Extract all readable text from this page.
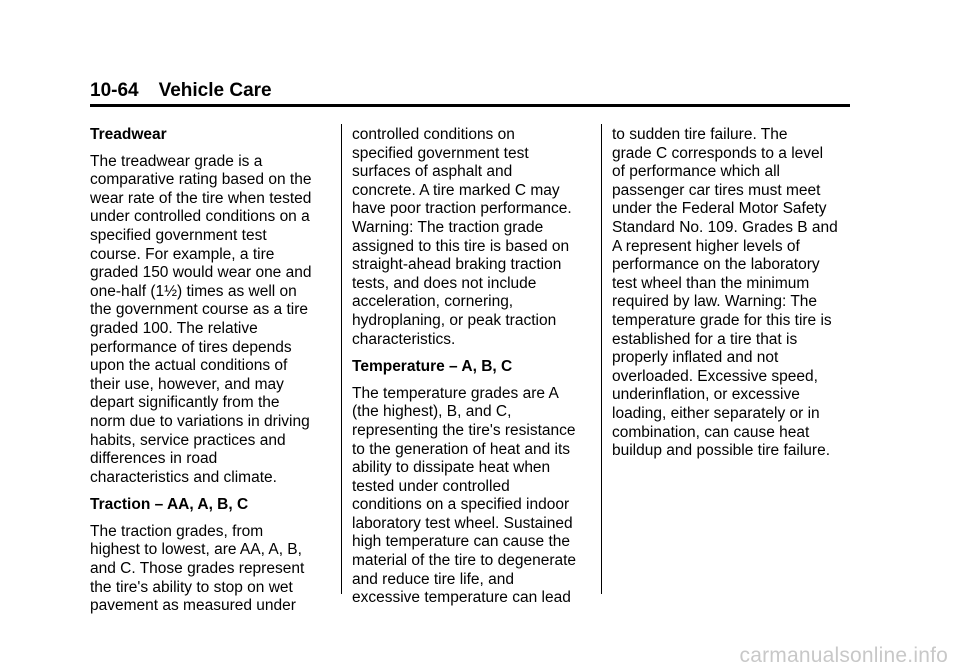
10-64 Vehicle Care
Treadwear
The treadwear grade is a
comparative rating based on the
wear rate of the tire when tested
under controlled conditions on a
specified government test
course. For example, a tire
graded 150 would wear one and
one-half (1½) times as well on
the government course as a tire
graded 100. The relative
performance of tires depends
upon the actual conditions of
their use, however, and may
depart significantly from the
norm due to variations in driving
habits, service practices and
differences in road
characteristics and climate.
Traction – AA, A, B, C
The traction grades, from
highest to lowest, are AA, A, B,
and C. Those grades represent
the tire's ability to stop on wet
pavement as measured under
controlled conditions on
specified government test
surfaces of asphalt and
concrete. A tire marked C may
have poor traction performance.
Warning: The traction grade
assigned to this tire is based on
straight-ahead braking traction
tests, and does not include
acceleration, cornering,
hydroplaning, or peak traction
characteristics.
Temperature – A, B, C
The temperature grades are A
(the highest), B, and C,
representing the tire's resistance
to the generation of heat and its
ability to dissipate heat when
tested under controlled
conditions on a specified indoor
laboratory test wheel. Sustained
high temperature can cause the
material of the tire to degenerate
and reduce tire life, and
excessive temperature can lead
to sudden tire failure. The
grade C corresponds to a level
of performance which all
passenger car tires must meet
under the Federal Motor Safety
Standard No. 109. Grades B and
A represent higher levels of
performance on the laboratory
test wheel than the minimum
required by law. Warning: The
temperature grade for this tire is
established for a tire that is
properly inflated and not
overloaded. Excessive speed,
underinflation, or excessive
loading, either separately or in
combination, can cause heat
buildup and possible tire failure.
carmanualsonline.info
